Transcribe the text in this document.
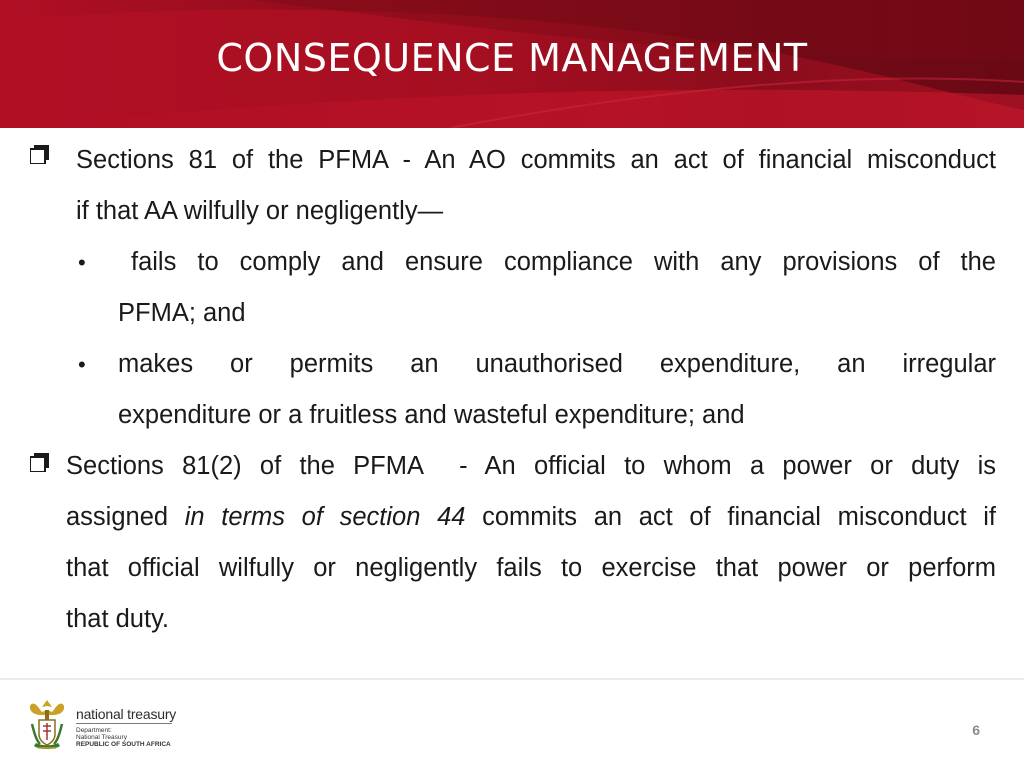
CONSEQUENCE MANAGEMENT
Sections 81 of the PFMA - An AO commits an act of financial misconduct
if that AA wilfully or negligently—
•	fails to comply and ensure compliance with any provisions of the
PFMA; and
• makes or permits an unauthorised expenditure, an irregular
expenditure or a fruitless and wasteful expenditure; and
Sections 81(2) of the PFMA  - An official to whom a power or duty is
assigned in terms of section 44 commits an act of financial misconduct if
that official wilfully or negligently fails to exercise that power or perform
that duty.
national treasury
Department:
National Treasury
REPUBLIC OF SOUTH AFRICA
6
